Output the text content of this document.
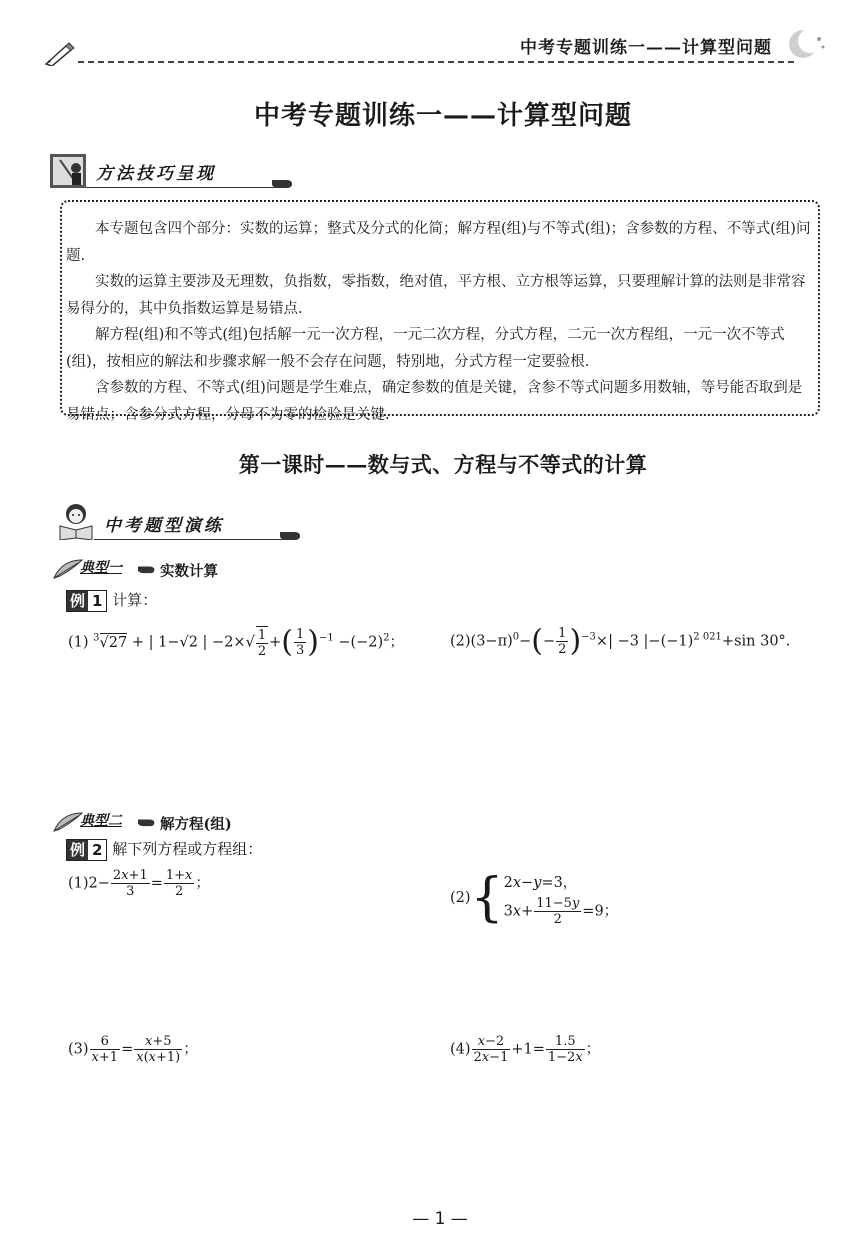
中考专题训练一——计算型问题
中考专题训练一——计算型问题
方法技巧呈现

本专题包含四个部分：实数的运算；整式及分式的化简；解方程(组)与不等式(组)；含参数的方程、不等式(组)问题.

实数的运算主要涉及无理数，负指数，零指数，绝对值，平方根、立方根等运算，只要理解计算的法则是非常容易得分的，其中负指数运算是易错点.

解方程(组)和不等式(组)包括解一元一次方程，一元二次方程，分式方程，二元一次方程组，一元一次不等式(组)，按相应的解法和步骤求解一般不会存在问题，特别地，分式方程一定要验根.

含参数的方程、不等式(组)问题是学生难点，确定参数的值是关键，含参不等式问题多用数轴，等号能否取到是易错点；含参分式方程，分母不为零的检验是关键.

第一课时——数与式、方程与不等式的计算
中考题型演练
典型一	实数计算
例 1 计算：
(1) $^3$√27 + | 1−√2 | $-2\times√ \frac{1}{2}$ +( $\frac{1}{3} )^{-1} -(-2)^2$；	$(2)(3-\pi)^0-(- \frac{1}{2} )^{-3}\times| -3$ $|-(-1)^{2 021}+\sin$ 30°.
典型二	解方程(组)
例 2 解下列方程或方程组：
$(1)2- \frac{2x+1}{3} = \frac{1+x}{2}$ ；
(2){ 2x−y=3，
$3x+ \frac{11-5y}{2} =9$；
$(3) \frac{6}{x+1} = \frac{x+5}{x(x+1)}$ ；	$(4) \frac{x-2}{2x-1} +1= \frac{1.5}{1-2x}$ ；
— 1 —
